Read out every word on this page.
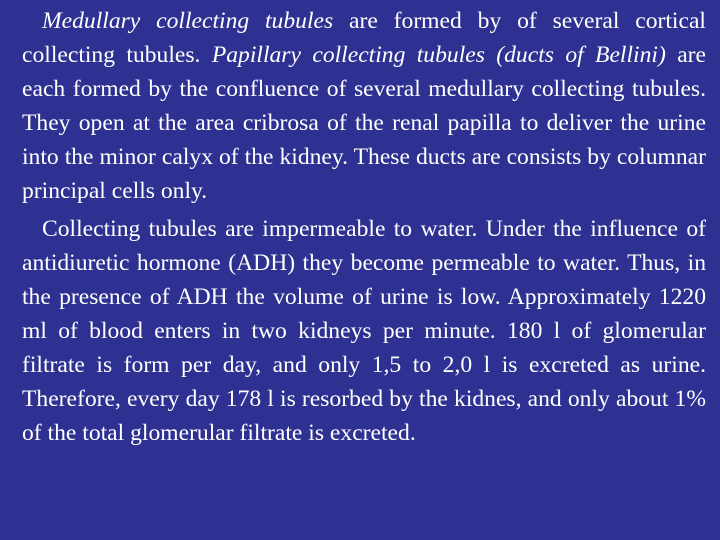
Medullary collecting tubules are formed by of several cortical collecting tubules. Papillary collecting tubules (ducts of Bellini) are each formed by the confluence of several medullary collecting tubules. They open at the area cribrosa of the renal papilla to deliver the urine into the minor calyx of the kidney. These ducts are consists by columnar principal cells only.

Collecting tubules are impermeable to water. Under the influence of antidiuretic hormone (ADH) they become permeable to water. Thus, in the presence of ADH the volume of urine is low. Approximately 1220 ml of blood enters in two kidneys per minute. 180 l of glomerular filtrate is form per day, and only 1,5 to 2,0 l is excreted as urine. Therefore, every day 178 l is resorbed by the kidnes, and only about 1% of the total glomerular filtrate is excreted.
